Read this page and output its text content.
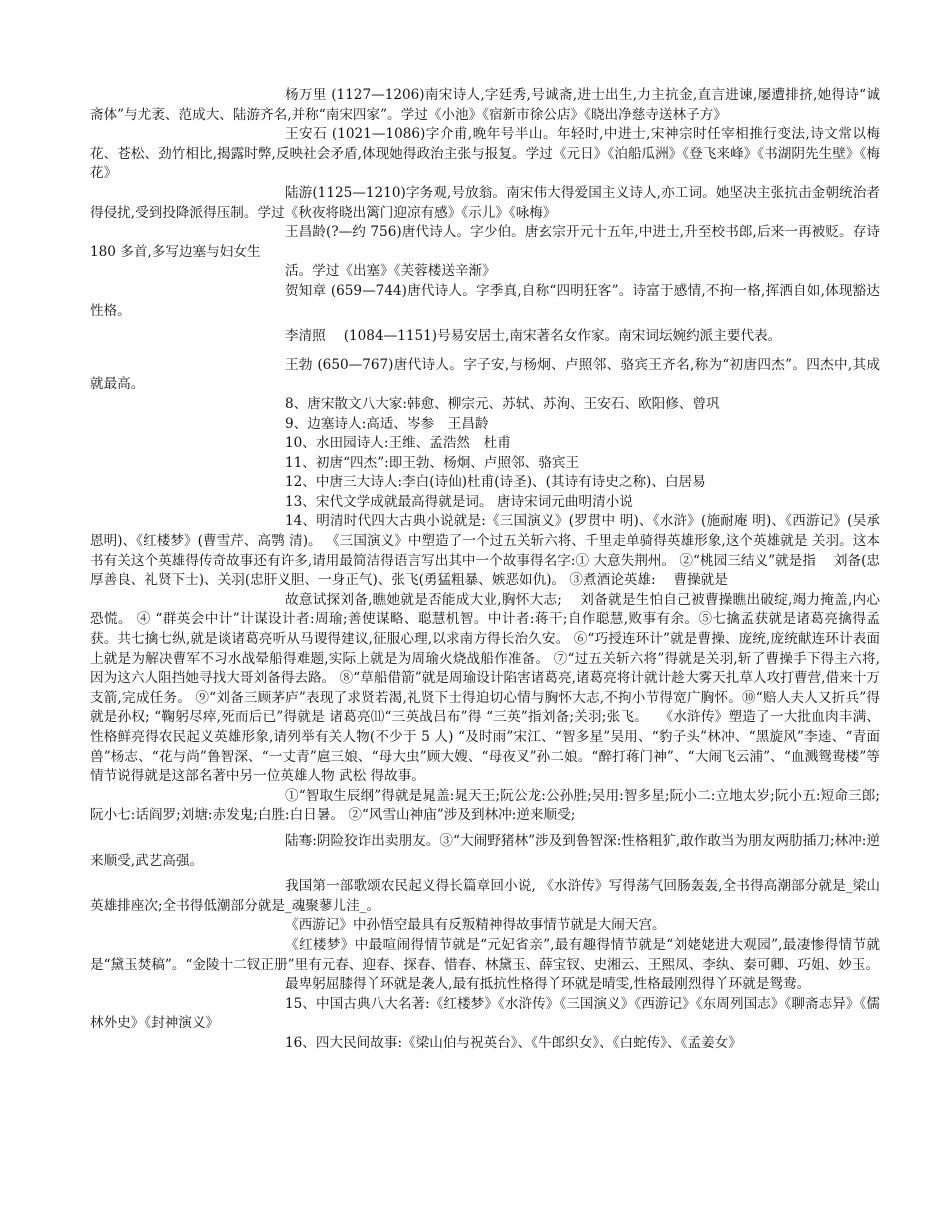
杨万里 (1127—1206)南宋诗人,字廷秀,号诚斋,进士出生,力主抗金,直言进谏,屡遭排挤,她得诗“诚斋体”与尤袤、范成大、陆游齐名,并称“南宋四家”。学过《小池》《宿新市徐公店》《晓出净慈寺送林子方》

王安石 (1021—1086)字介甫,晚年号半山。年轻时,中进士,宋神宗时任宰相推行变法,诗文常以梅花、苍松、劲竹相比,揭露时弊,反映社会矛盾,体现她得政治主张与报复。学过《元日》《泊船瓜洲》《登飞来峰》《书湖阴先生壁》《梅花》

陆游(1125—1210)字务观,号放翁。南宋伟大得爱国主义诗人,亦工词。她坚决主张抗击金朝统治者得侵扰,受到投降派得压制。学过《秋夜将晓出篱门迎凉有感》《示儿》《咏梅》

王昌龄(?—约 756)唐代诗人。字少伯。唐玄宗开元十五年,中进士,升至校书郎,后来一再被贬。存诗 180 多首,多写边塞与妇女生

活。学过《出塞》《芙蓉楼送辛渐》

贺知章 (659—744)唐代诗人。字季真,自称“四明狂客”。诗富于感情,不拘一格,挥洒自如,体现豁达性格。

李清照　 (1084—1151)号易安居士,南宋著名女作家。南宋词坛婉约派主要代表。

王勃 (650—767)唐代诗人。字子安,与杨炯、卢照邻、骆宾王齐名,称为“初唐四杰”。四杰中,其成就最高。

8、唐宋散文八大家:韩愈、柳宗元、苏轼、苏洵、王安石、欧阳修、曾巩

9、边塞诗人:高适、岑参　王昌龄

10、水田园诗人:王维、孟浩然　杜甫

11、初唐“四杰”:即王勃、杨炯、卢照邻、骆宾王

12、中唐三大诗人:李白(诗仙)杜甫(诗圣)、(其诗有诗史之称)、白居易

13、宋代文学成就最高得就是词。 唐诗宋词元曲明清小说

14、明清时代四大古典小说就是:《三国演义》(罗贯中 明)、《水浒》(施耐庵 明)、《西游记》(吴承恩明)、《红楼梦》(曹雪芹、高鹗 清)。 《三国演义》中塑造了一个过五关斩六将、千里走单骑得英雄形象,这个英雄就是 关羽。这本书有关这个英雄得传奇故事还有许多,请用最简洁得语言写出其中一个故事得名字:① 大意失荆州。 ②“桃园三结义”就是指　 刘备(忠厚善良、礼贤下士)、关羽(忠肝义胆、一身正气)、张飞(勇猛粗暴、嫉恶如仇)。 ③煮酒论英雄: 　曹操就是

故意试探刘备,瞧她就是否能成大业,胸怀大志; 　刘备就是生怕自己被曹操瞧出破绽,竭力掩盖,内心恐慌。 ④ “群英会中计”计谋设计者:周瑜;善使谋略、聪慧机智。中计者:蒋干;自作聪慧,败事有余。⑤七擒孟获就是诸葛亮擒得孟获。共七擒七纵,就是谈诸葛亮听从马谡得建议,征服心理,以求南方得长治久安。 ⑥“巧授连环计”就是曹操、庞统,庞统献连环计表面上就是为解决曹军不习水战晕船得难题,实际上就是为周瑜火烧战船作准备。 ⑦“过五关斩六将”得就是关羽,斩了曹操手下得主六将,因为这六人阻挡她寻找大哥刘备得去路。 ⑧“草船借箭”就是周瑜设计陷害诸葛亮,诸葛亮将计就计趁大雾天扎草人攻打曹营,借来十万支箭,完成任务。 ⑨“刘备三顾茅庐”表现了求贤若渴,礼贤下士得迫切心情与胸怀大志,不拘小节得宽广胸怀。⑩“赔人夫人又折兵”得就是孙权; “鞠躬尽瘁,死而后已”得就是 诸葛亮⑾“三英战吕布”得 “三英”指刘备;关羽;张飞。 　《水浒传》塑造了一大批血肉丰满、性格鲜亮得农民起义英雄形象,请列举有关人物(不少于 5 人) “及时雨”宋江、“智多星”吴用、“豹子头”林冲、“黑旋风”李逵、“青面兽”杨志、“花与尚”鲁智深、“一丈青”扈三娘、“母大虫”顾大嫂、“母夜叉”孙二娘。“醉打蒋门神”、“大闹飞云浦”、“血溅鸳鸯楼”等情节说得就是这部名著中另一位英雄人物 武松 得故事。

①“智取生辰纲”得就是晁盖:晁天王;阮公龙:公孙胜;吴用:智多星;阮小二:立地太岁;阮小五:短命三郎;阮小七:话阎罗;刘塘:赤发鬼;白胜:白日暑。 ②“风雪山神庙”涉及到林冲:逆来顺受;

陆骞:阴险狡诈出卖朋友。③“大闹野猪林”涉及到鲁智深:性格粗犷,敢作敢当为朋友两肋插刀;林冲:逆来顺受,武艺高强。

我国第一部歌颂农民起义得长篇章回小说, 《水浒传》写得荡气回肠轰轰,全书得高潮部分就是_梁山英雄排座次;全书得低潮部分就是_魂聚蓼儿洼_。

《西游记》中孙悟空最具有反叛精神得故事情节就是大闹天宫。

《红楼梦》中最喧闹得情节就是“元妃省亲”,最有趣得情节就是“刘姥姥进大观园”,最凄惨得情节就是“黛玉焚稿”。“金陵十二钗正册”里有元春、迎春、探春、惜春、林黛玉、薛宝钗、史湘云、王熙凤、李纨、秦可卿、巧姐、妙玉。

最卑躬屈膝得丫环就是袭人,最有抵抗性格得丫环就是晴雯,性格最刚烈得丫环就是鸳鸯。

15、中国古典八大名著:《红楼梦》《水浒传》《三国演义》《西游记》《东周列国志》《聊斋志异》《儒林外史》《封神演义》

16、四大民间故事:《梁山伯与祝英台》、《牛郎织女》、《白蛇传》、《孟姜女》
